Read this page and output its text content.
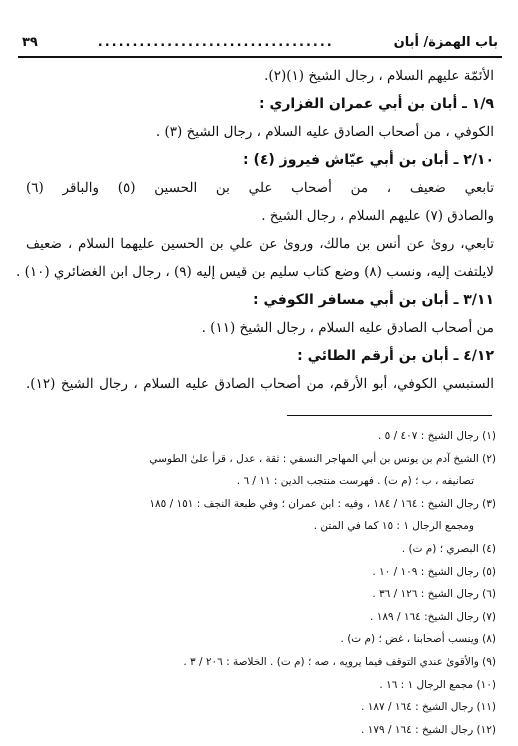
باب الهمزة/ أبان
..................................
٣٩
الأئمّة عليهم السلام ، رجال الشيخ (١)(٢).
١/٩ ـ أبان بن أبي عمران الفزاري :
الكوفي ، من أصحاب الصادق عليه السلام ، رجال الشيخ (٣) .
٢/١٠ ـ أبان بن أبي عيّاش فيروز (٤) :
تابعي ضعيف ، من أصحاب علي بن الحسين (٥) والباقر (٦)
والصادق (٧) عليهم السلام ، رجال الشيخ .
تابعي، روىٰ عن أنس بن مالك، وروىٰ عن علي بن الحسين عليهما السلام ، ضعيف
لايلتفت إليه، ونسب (٨) وضع كتاب سليم بن قيس إليه (٩) ، رجال ابن الغضائري (١٠) .
٣/١١ ـ أبان بن أبي مسافر الكوفي :
من أصحاب الصادق عليه السلام ، رجال الشيخ (١١) .
٤/١٢ ـ أبان بن أرقم الطائي :
السنبسي الكوفي، أبو الأرقم، من أصحاب الصادق عليه السلام ، رجال الشيخ (١٢).
(١) رجال الشيخ : ٤٠٧ / ٥ .
(٢) الشيخ آدم بن يونس بن أبي المهاجر النسفي : ثقة ، عدل ، قرأ علىٰ الطوسي
تصانيفه ، ب ؛ (م ت) . فهرست منتجب الدين : ١١ / ٦ .
(٣) رجال الشيخ : ١٦٤ / ١٨٤ ، وفيه : ابن عمران ؛ وفي طبعة النجف : ١٥١ / ١٨٥
ومجمع الرجال ١ : ١٥ كما في المتن .
(٤) البصري ؛ (م ت) .
(٥) رجال الشيخ : ١٠٩ / ١٠ .
(٦) رجال الشيخ : ١٢٦ / ٣٦ .
(٧) رجال الشيخ: ١٦٤ / ١٨٩ .
(٨) وينسب أصحابنا ، غض ؛ (م ت) .
(٩) والأقوىٰ عندي التوقف فيما يرويه ، صه ؛ (م ت) . الخلاصة : ٢٠٦ / ٣ .
(١٠) مجمع الرجال ١ : ١٦ .
(١١) رجال الشيخ : ١٦٤ / ١٨٧ .
(١٢) رجال الشيخ : ١٦٤ / ١٧٩ .
